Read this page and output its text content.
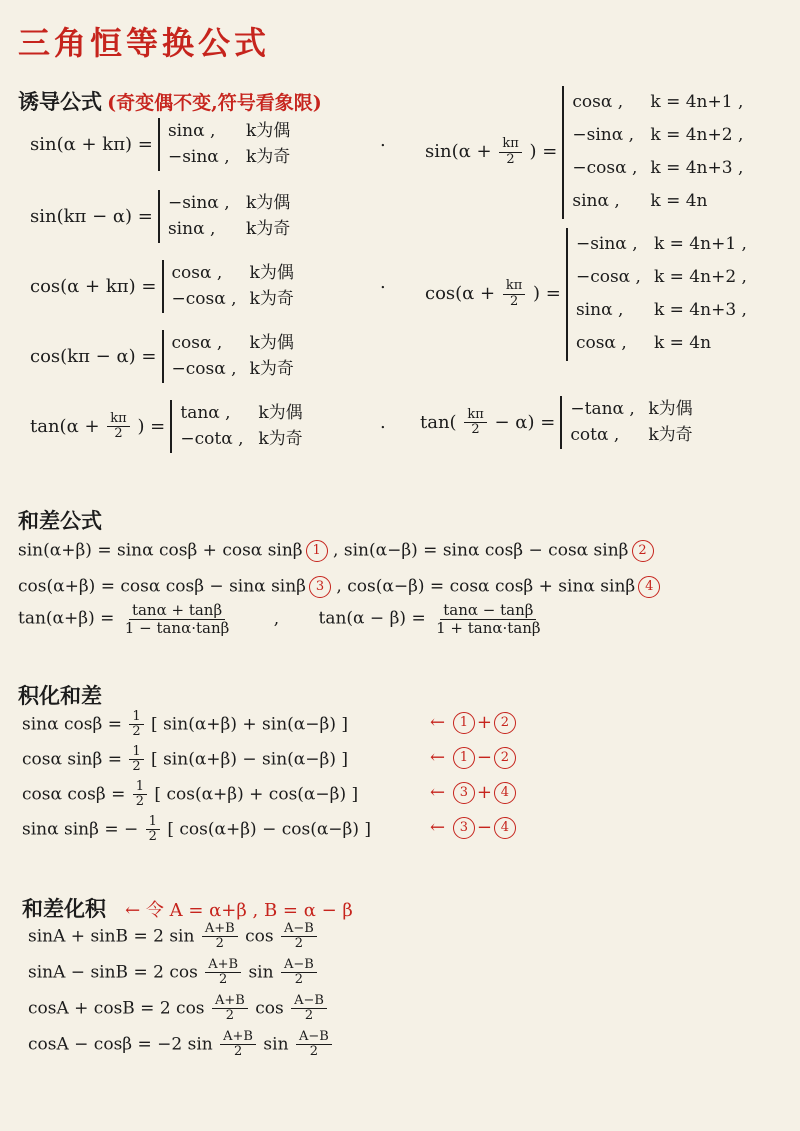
三角恒等换公式
诱导公式 (奇变偶不变,符号看象限)
sin(α + kπ) =
sinα ,	k为偶
−sinα , k为奇
.
sin(kπ − α) =
−sinα , k为偶
sinα ,	k为奇
cos(α + kπ) =
cosα ,	k为偶
−cosα , k为奇
.
cos(kπ − α) =
cosα ,	k为偶
−cosα , k为奇
$\tan(\alpha + \frac{k\pi}{2}$ ) =
tanα ,	k为偶
−cotα , k为奇
. $\tan( \frac{k\pi}{2} - \alpha)$ =
−tanα , k为偶
cotα ,	k为奇
$\sin(\alpha + \frac{k\pi}{2}$ ) =
cosα ,	k = 4n+1 ,
−sinα , k = 4n+2 ,
−cosα , k = 4n+3 ,
sinα ,	k = 4n
$\cos(\alpha + \frac{k\pi}{2}$ ) =
−sinα , k = 4n+1 ,
−cosα , k = 4n+2 ,
sinα ,	k = 4n+3 ,
cosα ,	k = 4n
和差公式
sin(α+β) = sinα cosβ + cosα sinβ 1 , sin(α−β) = sinα cosβ − cosα sinβ 2
cos(α+β) = cosα cosβ − sinα sinβ 3 , cos(α−β) = cosα cosβ + sinα sinβ 4
$\tan(\alpha+\beta) = \frac{\tan\alpha + \tan\beta}{1 - \tan\alpha\cdot\tan\beta}$ , $\tan(\alpha - \beta) = \frac{\tan\alpha - \tan\beta}{1 + \tan\alpha\cdot\tan\beta}$
积化和差
sinα $\cos\beta = \frac{1}{2}$ [ sin(α+β) + sin(α−β) ]	← 1 + 2
cosα $\sin\beta = \frac{1}{2}$ [ sin(α+β) − sin(α−β) ]	← 1 − 2
cosα $\cos\beta = \frac{1}{2}$ [ cos(α+β) + cos(α−β) ]	← 3 + 4
sinα sinβ = − $\frac{1}{2}$ [ cos(α+β) − cos(α−β) ]	← 3 − 4
和差化积 ← 令 A = α+β , B = α − β
sinA + sinB = 2 $\sin \frac{A+B}{2}$ $\cos \frac{A-B}{2}$
sinA − sinB = 2 $\cos \frac{A+B}{2}$ $\sin \frac{A-B}{2}$
cosA + cosB = 2 $\cos \frac{A+B}{2}$ $\cos \frac{A-B}{2}$
cosA − cosβ = −2 $\sin \frac{A+B}{2}$ $\sin \frac{A-B}{2}$
